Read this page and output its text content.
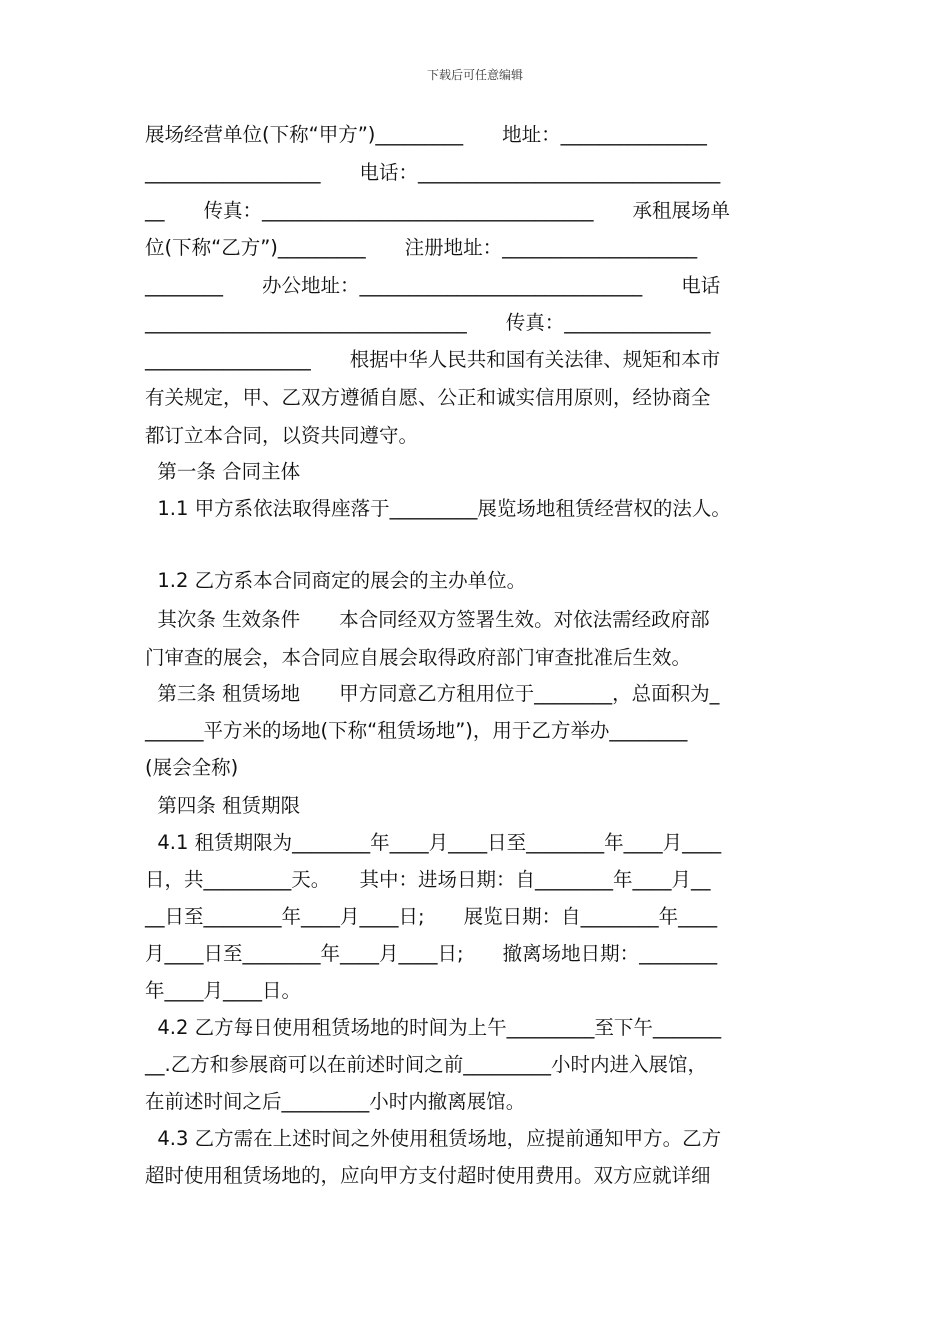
下载后可任意编辑
展场经营单位(下称“甲方”)_________　　地址：_______________
__________________　　电话：_______________________________
__　　传真：__________________________________　　承租展场单
位(下称“乙方”)_________　　注册地址：____________________
________　　办公地址：_____________________________　　电话
_________________________________　　传真：_______________
_________________　　根据中华人民共和国有关法律、规矩和本市
有关规定，甲、乙双方遵循自愿、公正和诚实信用原则，经协商全
都订立本合同，以资共同遵守。
第一条 合同主体
1.1 甲方系依法取得座落于_________展览场地租赁经营权的法人。
1.2 乙方系本合同商定的展会的主办单位。
其次条 生效条件　　本合同经双方签署生效。对依法需经政府部
门审查的展会，本合同应自展会取得政府部门审查批准后生效。
第三条 租赁场地　　甲方同意乙方租用位于________，总面积为_
______平方米的场地(下称“租赁场地”)，用于乙方举办________
(展会全称)
第四条 租赁期限
4.1 租赁期限为________年____月____日至________年____月____
日，共_________天。　　其中：进场日期：自________年____月__
__日至________年____月____日;　　展览日期：自________年____
月____日至________年____月____日;　　撤离场地日期：________
年____月____日。
4.2 乙方每日使用租赁场地的时间为上午_________至下午_______
__.乙方和参展商可以在前述时间之前_________小时内进入展馆，
在前述时间之后_________小时内撤离展馆。
4.3 乙方需在上述时间之外使用租赁场地，应提前通知甲方。乙方
超时使用租赁场地的，应向甲方支付超时使用费用。双方应就详细
